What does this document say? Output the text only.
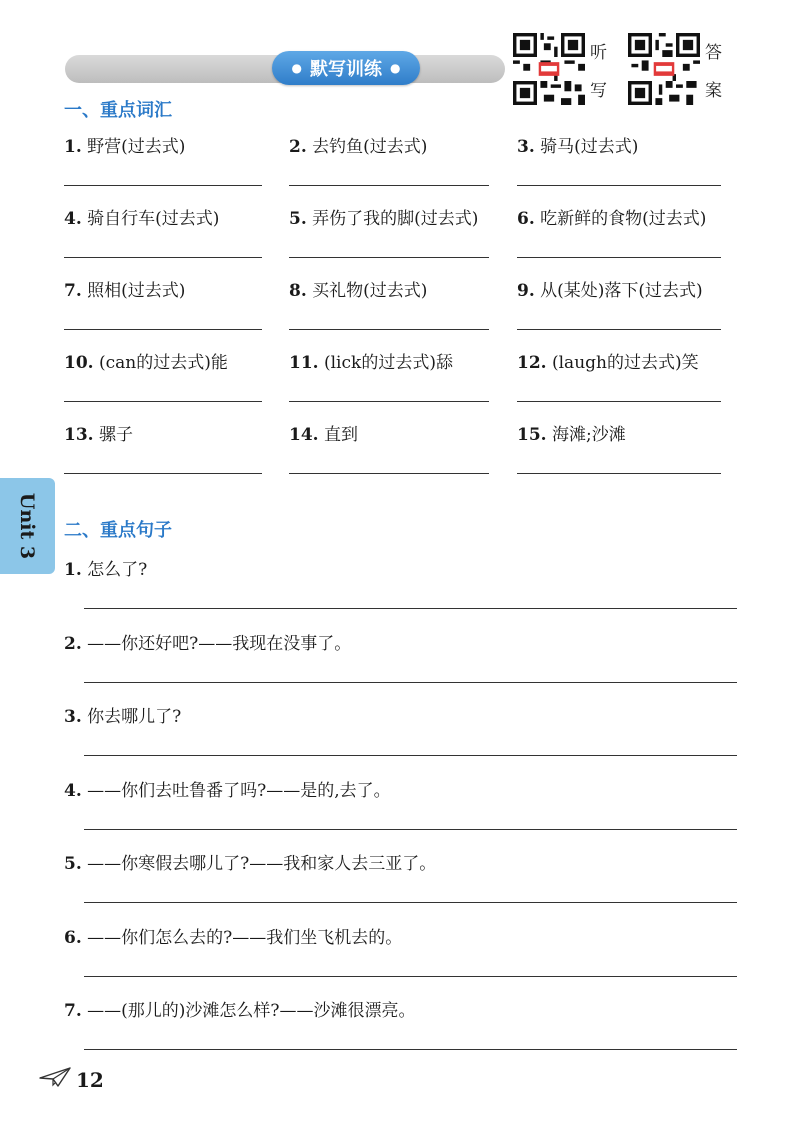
● 默写训练 ●
听
写
答
案
一、重点词汇
1. 野营(过去式)	2. 去钓鱼(过去式)	3. 骑马(过去式)
4. 骑自行车(过去式)	5. 弄伤了我的脚(过去式) 6. 吃新鲜的食物(过去式)
7. 照相(过去式)	8. 买礼物(过去式)	9. 从(某处)落下(过去式)
10. (can的过去式)能	11. (lick的过去式)舔	12. (laugh的过去式)笑
13. 骡子	14. 直到	15. 海滩;沙滩
Unit 3 二、重点句子
1. 怎么了?
2. ——你还好吧?——我现在没事了。
3. 你去哪儿了?
4. ——你们去吐鲁番了吗?——是的,去了。
5. ——你寒假去哪儿了?——我和家人去三亚了。
6. ——你们怎么去的?——我们坐飞机去的。
7. ——(那儿的)沙滩怎么样?——沙滩很漂亮。
12
